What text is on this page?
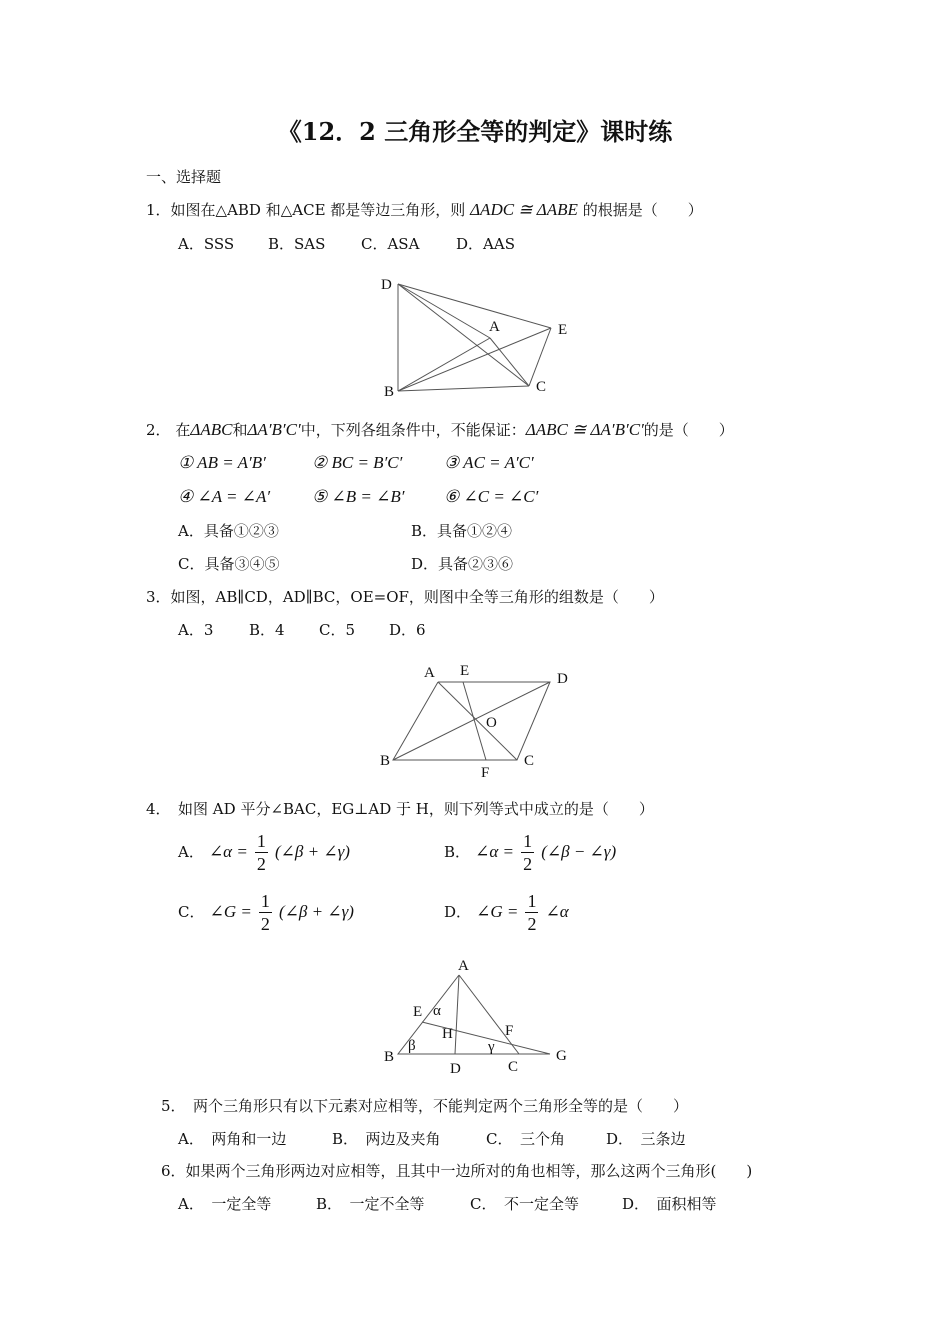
《12．2 三角形全等的判定》课时练
一、选择题
1．如图在△ABD 和△ACE 都是等边三角形，则 ΔADC ≅ ΔABE 的根据是（　　）
A．SSS B．SAS C．ASA D．AAS
D
A	E
B	C
2． 在ΔABC和ΔA′B′C′中，下列各组条件中，不能保证：ΔABC ≅ ΔA′B′C′的是（　　）
① AB = A′B′	② BC = B′C′ ③ AC = A′C′
④ ∠A = ∠A′ ⑤ ∠B = ∠B′ ⑥ ∠C = ∠C′
A．具备①②③	B．具备①②④
C．具备③④⑤	D．具备②③⑥
3．如图，AB∥CD，AD∥BC，OE=OF，则图中全等三角形的组数是（　　）
A．3 B．4 C．5 D．6
A E	D
O
B
F
C
4．　如图 AD 平分∠BAC，EG⊥AD 于 H，则下列等式中成立的是（　　）
A． ∠α = $\frac{1}{2}$ (∠β + ∠γ)	B． ∠α = $\frac{1}{2}$ (∠β − ∠γ)
C． ∠G = $\frac{1}{2}$ (∠β + ∠γ)	D． ∠G = $\frac{1}{2}$ ∠α
A
E α
H	F
β	γ
B	G
D	C
5．　两个三角形只有以下元素对应相等，不能判定两个三角形全等的是（　　）
A．　两角和一边	B．　两边及夹角	C．　三个角	D．　三条边
6．如果两个三角形两边对应相等，且其中一边所对的角也相等，那么这两个三角形(　　)
A．　一定全等	B．　一定不全等	C．　不一定全等	D．　面积相等
